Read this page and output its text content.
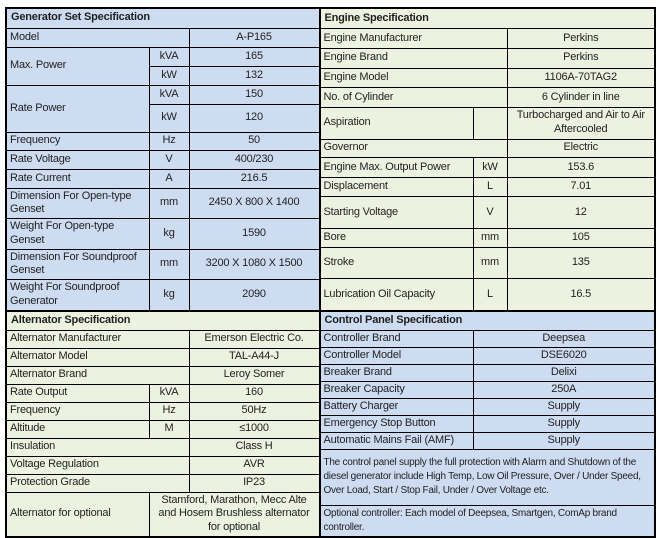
Generator Set Specification		
Model		A-P165
Max. Power	kVA	165
	kW	132
Rate Power	kVA	150
	kW	120
Frequency	Hz	50
Rate Voltage	V	400/230
Rate Current	A	216.5
Dimension For Open-type Genset	mm	2450 X 800 X 1400
Weight For Open-type Genset	kg	1590
Dimension For Soundproof Genset	mm	3200 X 1080 X 1500
Weight For Soundproof Generator	kg	2090
Engine Specification		
Engine Manufacturer		Perkins
Engine Brand		Perkins
Engine Model		1106A-70TAG2
No. of Cylinder		6 Cylinder in line
Aspiration		Turbocharged and Air to Air Aftercooled
Governor		Electric
Engine Max. Output Power	kW	153.6
Displacement	L	7.01
Starting Voltage	V	12
Bore	mm	105
Stroke	mm	135
Lubrication Oil Capacity	L	16.5
Alternator Specification		
Alternator Manufacturer		Emerson Electric Co.
Alternator Model		TAL-A44-J
Alternator Brand		Leroy Somer
Rate Output	kVA	160
Frequency	Hz	50Hz
Altitude	M	≤1000
Insulation		Class H
Voltage Regulation		AVR
Protection Grade		IP23
Alternator for optional	Stamford, Marathon, Mecc Alte and Hosem Brushless alternator for optional	
Control Panel Specification	
Controller Brand	Deepsea
Controller Model	DSE6020
Breaker Brand	Delixi
Breaker Capacity	250A
Battery Charger	Supply
Emergency Stop Button	Supply
Automatic Mains Fail (AMF)	Supply
The control panel supply the full protection with Alarm and Shutdown of the diesel generator include High Temp, Low Oil Pressure, Over / Under Speed, Over Load, Start / Stop Fail, Under / Over Voltage etc.	
Optional controller: Each model of Deepsea, Smartgen, ComAp brand controller.	
